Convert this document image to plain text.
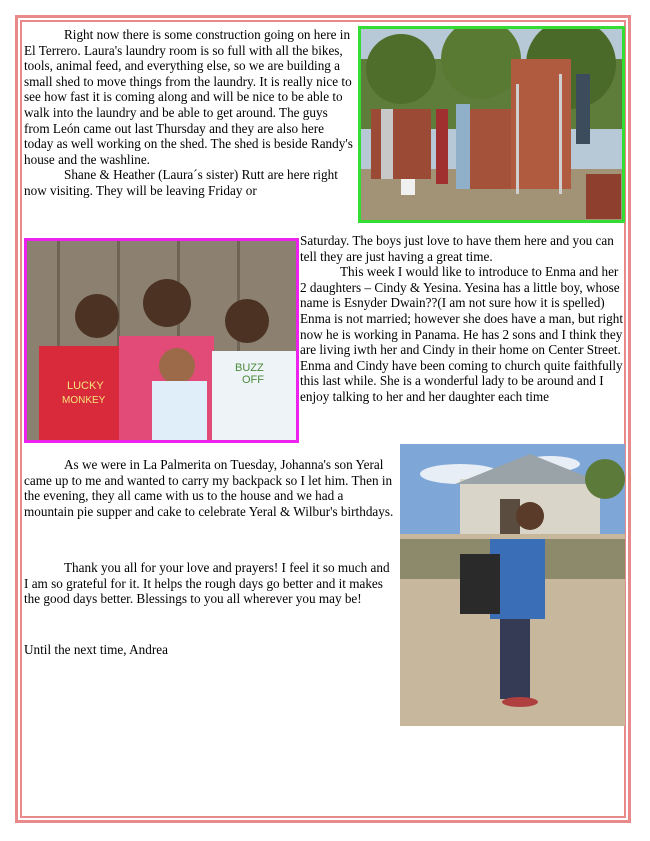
Right now there is some construction going on here in El Terrero. Laura's laundry room is so full with all the bikes, tools, animal feed, and everything else, so we are building a small shed to move things from the laundry. It is really nice to see how fast it is coming along and will be nice to be able to walk into the laundry and be able to get around. The guys from León came out last Thursday and they are also here today as well working on the shed. The shed is beside Randy's house and the washline.

Shane & Heather (Laura´s sister) Rutt are here right now visiting. They will be leaving Friday or

LUCKY
MONKEY
BUZZ
OFF

Saturday. The boys just love to have them here and you can tell they are just having a great time.

This week I would like to introduce to Enma and her 2 daughters – Cindy & Yesina. Yesina has a little boy, whose name is Esnyder Dwain??(I am not sure how it is spelled) Enma is not married; however she does have a man, but right now he is working in Panama. He has 2 sons and I think they are living iwth her and Cindy in their home on Center Street. Enma and Cindy have been coming to church quite faithfully this last while. She is a wonderful lady to be around and I enjoy talking to her and her daughter each time

As we were in La Palmerita on Tuesday, Johanna's son Yeral came up to me and wanted to carry my backpack so I let him. Then in the evening, they all came with us to the house and we had a mountain pie supper and cake to celebrate Yeral & Wilbur's birthdays.

Thank you all for your love and prayers! I feel it so much and I am so grateful for it. It helps the rough days go better and it makes the good days better. Blessings to you all wherever you may be!

Until the next time, Andrea
